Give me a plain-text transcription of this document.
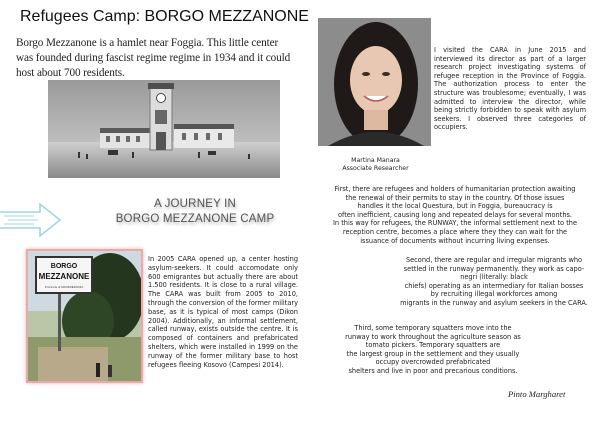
Refugees Camp: BORGO MEZZANONE
Borgo Mezzanone is a hamlet near Foggia. This little center was founded during fascist regime regime in 1934 and it could host about 700 residents.
A JOURNEY IN
BORGO MEZZANONE CAMP
BORGO
MEZZANONE
Provincia di MANFREDONIA
In 2005 CARA opened up, a center hosting asylum-seekers. It could accomodate only 600 emigrantes but actually there are about 1.500 residents. It is close to a rural village. The CARA was built from 2005 to 2010, through the conversion of the former military base, as it is typical of most camps (Dikon 2004). Additionally, an informal settlement, called runway, exists outside the centre. It is composed of containers and prefabricated shelters, which were installed in 1999 on the runway of the former military base to host refugees fleeing Kosovo (Campesi 2014).
I visited the CARA in June 2015 and interviewed its director as part of a larger research project investigating systems of refugee reception in the Province of Foggia. The authorization process to enter the structure was troublesome; eventually, I was admitted to interview the director, while being strictly forbidden to speak with asylum seekers. I observed three categories of occupiers.
Martina Manara
Associate Researcher
First, there are refugees and holders of humanitarian protection awaiting
the renewal of their permits to stay in the country. Of those issues
handles it the local Questura, but in Foggia, bureaucracy is
often inefficient, causing long and repeated delays for several months.
In this way for refugees, the RUNWAY, the informal settlement next to the
reception centre, becomes a place where they they can wait for the
issuance of documents without incurring living expenses.
Second, there are regular and irregular migrants who
settled in the runway permanently. they work as capo-
negri (literally: black
chiefs) operating as an intermediary for Italian bosses
by recruiting illegal workforces among
migrants in the runway and asylum seekers in the CARA.
Third, some temporary squatters move into the
runway to work throughout the agriculture season as
tomato pickers. Temporary squatters are
the largest group in the settlement and they usually
occupy overcrowded prefabricated
shelters and live in poor and precarious conditions.
Pinto Margharet
